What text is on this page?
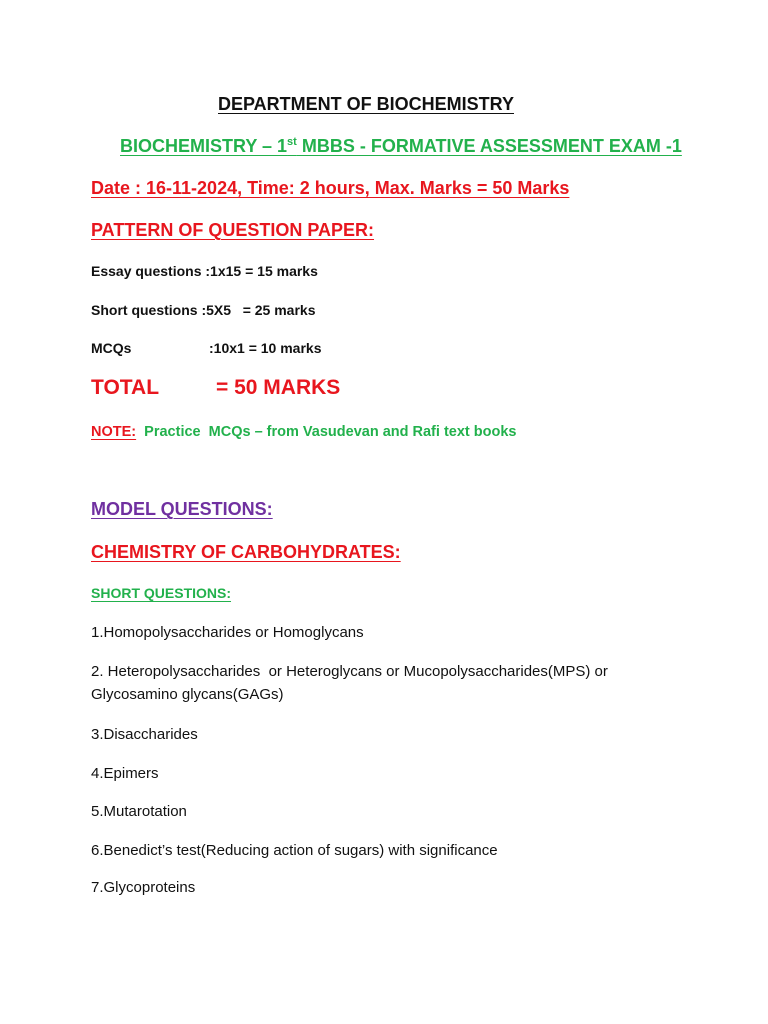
DEPARTMENT OF BIOCHEMISTRY
BIOCHEMISTRY – 1st MBBS - FORMATIVE ASSESSMENT EXAM -1
Date : 16-11-2024, Time: 2 hours, Max. Marks = 50 Marks
PATTERN OF QUESTION PAPER:
Essay questions :1x15 = 15 marks
Short questions :5X5   = 25 marks
MCQs	:10x1 = 10 marks
TOTAL	= 50 MARKS
NOTE: Practice  MCQs – from Vasudevan and Rafi text books
MODEL QUESTIONS:
CHEMISTRY OF CARBOHYDRATES:
SHORT QUESTIONS:
1.Homopolysaccharides or Homoglycans
2. Heteropolysaccharides  or Heteroglycans or Mucopolysaccharides(MPS) or
Glycosamino glycans(GAGs)
3.Disaccharides
4.Epimers
5.Mutarotation
6.Benedict’s test(Reducing action of sugars) with significance
7.Glycoproteins
